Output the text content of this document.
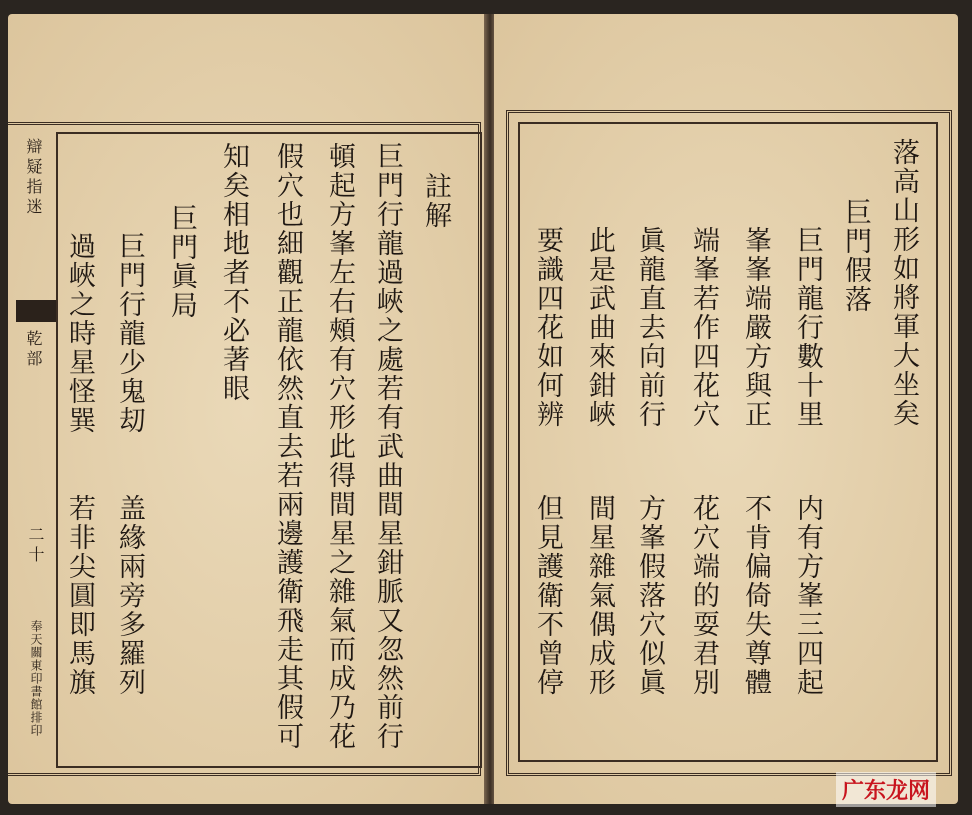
辯疑指迷
乾部
二十
奉天關東印書館排印
註解
巨門行龍過峽之處若有武曲間星鉗脈又忽然前行
頓起方峯左右頰有穴形此得間星之雜氣而成乃花
假穴也細觀正龍依然直去若兩邊護衛飛走其假可
知矣相地者不必著眼
巨門眞局
巨門行龍少鬼刧
過峽之時星怪巽
盖緣兩旁多羅列
若非尖圓即馬旗
落高山形如將軍大坐矣
巨門假落
巨門龍行數十里
内有方峯三四起
峯峯端嚴方與正
不肯偏倚失尊體
端峯若作四花穴
花穴端的耍君別
眞龍直去向前行
方峯假落穴似眞
此是武曲來鉗峽
間星雜氣偶成形
要識四花如何辨
但見護衛不曾停
广东龙网
